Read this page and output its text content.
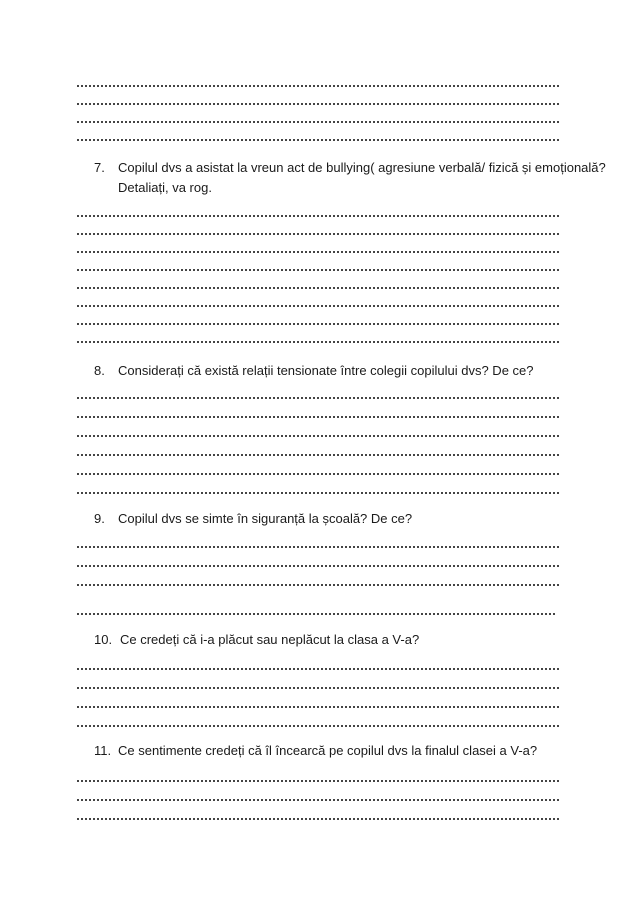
7. Copilul dvs a asistat la vreun act de bullying( agresiune verbală/ fizică și emoțională?
Detaliați, va rog.
8. Considerați că există relații tensionate între colegii copilului dvs? De ce?
9. Copilul dvs se simte în siguranță la școală? De ce?
10. Ce credeți că i-a plăcut sau neplăcut la clasa a V-a?
11. Ce sentimente credeți că îl încearcă pe copilul dvs la finalul clasei a V-a?
